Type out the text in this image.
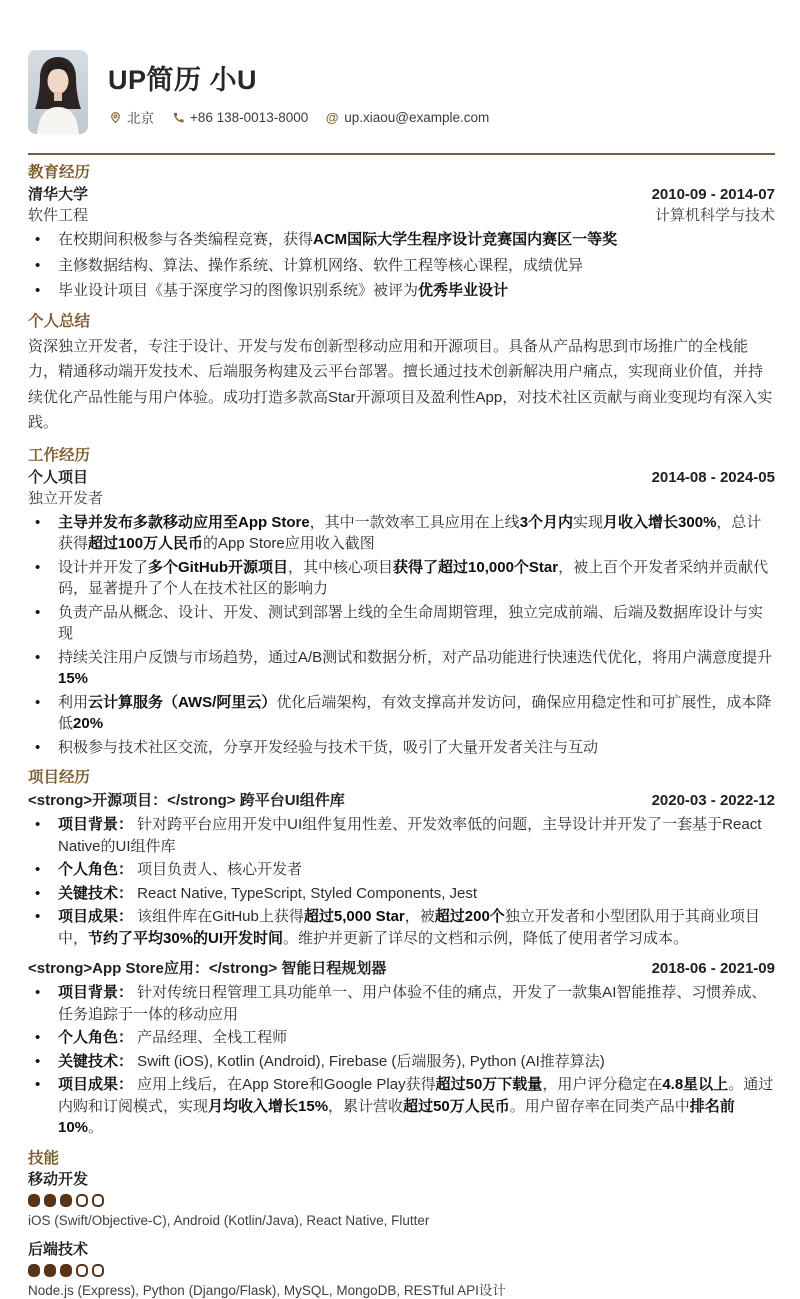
UP简历 小U
北京	+86 138-0013-8000 @ up.xiaou@example.com
教育经历
清华大学	2010-09 - 2014-07
软件工程	计算机科学与技术
• 在校期间积极参与各类编程竞赛，获得ACM国际大学生程序设计竞赛国内赛区一等奖
• 主修数据结构、算法、操作系统、计算机网络、软件工程等核心课程，成绩优异
• 毕业设计项目《基于深度学习的图像识别系统》被评为优秀毕业设计
个人总结
资深独立开发者，专注于设计、开发与发布创新型移动应用和开源项目。具备从产品构思到市场推广的全栈能力，精通移动端开发技术、后端服务构建及云平台部署。擅长通过技术创新解决用户痛点，实现商业价值，并持续优化产品性能与用户体验。成功打造多款高Star开源项目及盈利性App，对技术社区贡献与商业变现均有深入实践。
工作经历
个人项目	2014-08 - 2024-05
独立开发者
• 主导并发布多款移动应用至App Store，其中一款效率工具应用在上线3个月内实现月收入增长300%，总计获得超过100万人民币的App Store应用收入截图
• 设计并开发了多个GitHub开源项目，其中核心项目获得了超过10,000个Star，被上百个开发者采纳并贡献代码，显著提升了个人在技术社区的影响力
• 负责产品从概念、设计、开发、测试到部署上线的全生命周期管理，独立完成前端、后端及数据库设计与实现
• 持续关注用户反馈与市场趋势，通过A/B测试和数据分析，对产品功能进行快速迭代优化，将用户满意度提升15%
• 利用云计算服务（AWS/阿里云）优化后端架构，有效支撑高并发访问，确保应用稳定性和可扩展性，成本降低20%
• 积极参与技术社区交流，分享开发经验与技术干货，吸引了大量开发者关注与互动
项目经历
<strong>开源项目：</strong> 跨平台UI组件库	2020-03 - 2022-12
• 项目背景： 针对跨平台应用开发中UI组件复用性差、开发效率低的问题，主导设计并开发了一套基于React Native的UI组件库
• 个人角色： 项目负责人、核心开发者
• 关键技术： React Native, TypeScript, Styled Components, Jest
• 项目成果： 该组件库在GitHub上获得超过5,000 Star，被超过200个独立开发者和小型团队用于其商业项目中，节约了平均30%的UI开发时间。维护并更新了详尽的文档和示例，降低了使用者学习成本。
<strong>App Store应用：</strong> 智能日程规划器	2018-06 - 2021-09
• 项目背景： 针对传统日程管理工具功能单一、用户体验不佳的痛点，开发了一款集AI智能推荐、习惯养成、任务追踪于一体的移动应用
• 个人角色： 产品经理、全栈工程师
• 关键技术： Swift (iOS), Kotlin (Android), Firebase (后端服务), Python (AI推荐算法)
• 项目成果： 应用上线后，在App Store和Google Play获得超过50万下载量，用户评分稳定在4.8星以上。通过内购和订阅模式，实现月均收入增长15%，累计营收超过50万人民币。用户留存率在同类产品中排名前10%。
技能
移动开发
iOS (Swift/Objective-C), Android (Kotlin/Java), React Native, Flutter
后端技术
Node.js (Express), Python (Django/Flask), MySQL, MongoDB, RESTful API设计
